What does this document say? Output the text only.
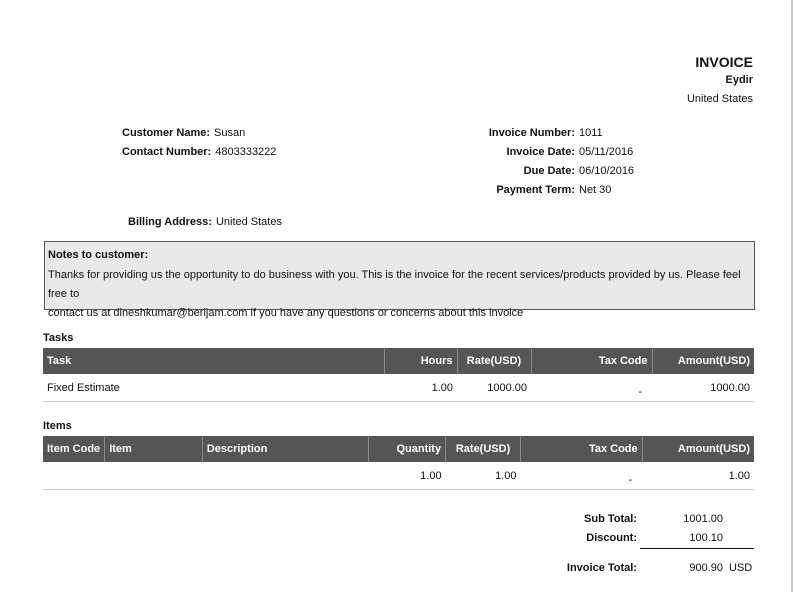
INVOICE
Eydir
United States
Customer Name: Susan
Contact Number: 4803333222
Invoice Number: 1011
Invoice Date: 05/11/2016
Due Date: 06/10/2016
Payment Term: Net 30
Billing Address: United States
Notes to customer:
Thanks for providing us the opportunity to do business with you. This is the invoice for the recent services/products provided by us. Please feel free to
contact us at dineshkumar@berijam.com if you have any questions or concerns about this invoice
Tasks
Task	Hours	Rate(USD)	Tax Code	Amount(USD)
Fixed Estimate	1.00	1000.00	-	1000.00
Items
Item Code	Item	Description	Quantity	Rate(USD)	Tax Code	Amount(USD)
			1.00	1.00	-	1.00
Sub Total:	1001.00
Discount:	100.10
Invoice Total:	900.90 USD
